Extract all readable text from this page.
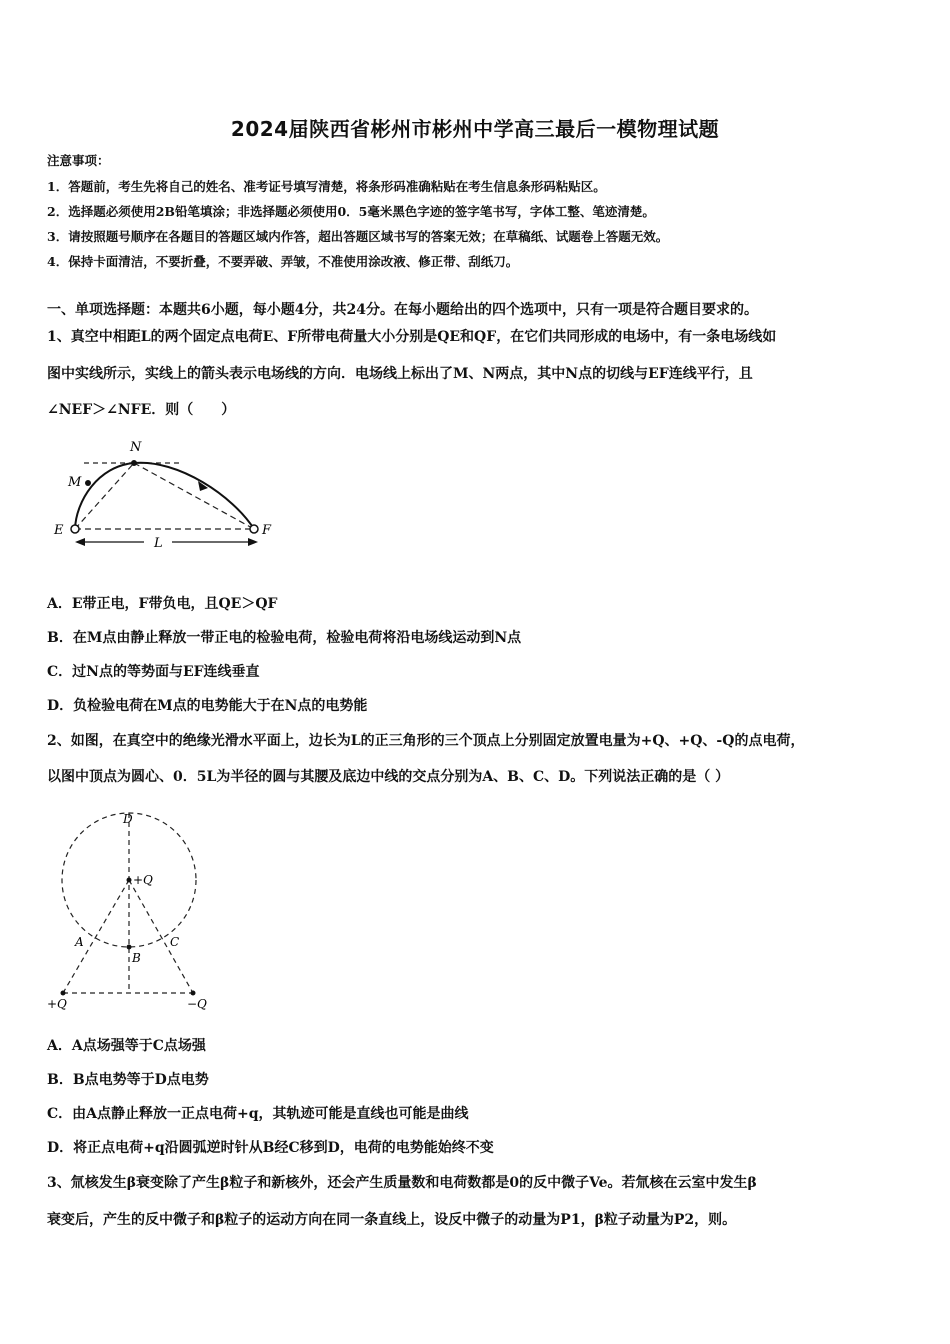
2024届陕西省彬州市彬州中学高三最后一模物理试题
注意事项：
1．答题前，考生先将自己的姓名、准考证号填写清楚，将条形码准确粘贴在考生信息条形码粘贴区。
2．选择题必须使用2B铅笔填涂；非选择题必须使用0．5毫米黑色字迹的签字笔书写，字体工整、笔迹清楚。
3．请按照题号顺序在各题目的答题区域内作答，超出答题区域书写的答案无效；在草稿纸、试题卷上答题无效。
4．保持卡面清洁，不要折叠，不要弄破、弄皱，不准使用涂改液、修正带、刮纸刀。
一、单项选择题：本题共6小题，每小题4分，共24分。在每小题给出的四个选项中，只有一项是符合题目要求的。
1、真空中相距L的两个固定点电荷E、F所带电荷量大小分别是QE和QF，在它们共同形成的电场中，有一条电场线如
图中实线所示，实线上的箭头表示电场线的方向．电场线上标出了M、N两点，其中N点的切线与EF连线平行，且
∠NEF＞∠NFE．则（　　）
N
M
E	F
L
A．E带正电，F带负电，且QE＞QF
B．在M点由静止释放一带正电的检验电荷，检验电荷将沿电场线运动到N点
C．过N点的等势面与EF连线垂直
D．负检验电荷在M点的电势能大于在N点的电势能
2、如图，在真空中的绝缘光滑水平面上，边长为L的正三角形的三个顶点上分别固定放置电量为+Q、+Q、-Q的点电荷，
以图中顶点为圆心、0．5L为半径的圆与其腰及底边中线的交点分别为A、B、C、D。下列说法正确的是（ ）
D
+Q
A	C
B
+Q	−Q
A．A点场强等于C点场强
B．B点电势等于D点电势
C．由A点静止释放一正点电荷+q，其轨迹可能是直线也可能是曲线
D．将正点电荷+q沿圆弧逆时针从B经C移到D，电荷的电势能始终不变
3、氚核发生β衰变除了产生β粒子和新核外，还会产生质量数和电荷数都是0的反中微子Ve。若氚核在云室中发生β
衰变后，产生的反中微子和β粒子的运动方向在同一条直线上，设反中微子的动量为P1，β粒子动量为P2，则。
